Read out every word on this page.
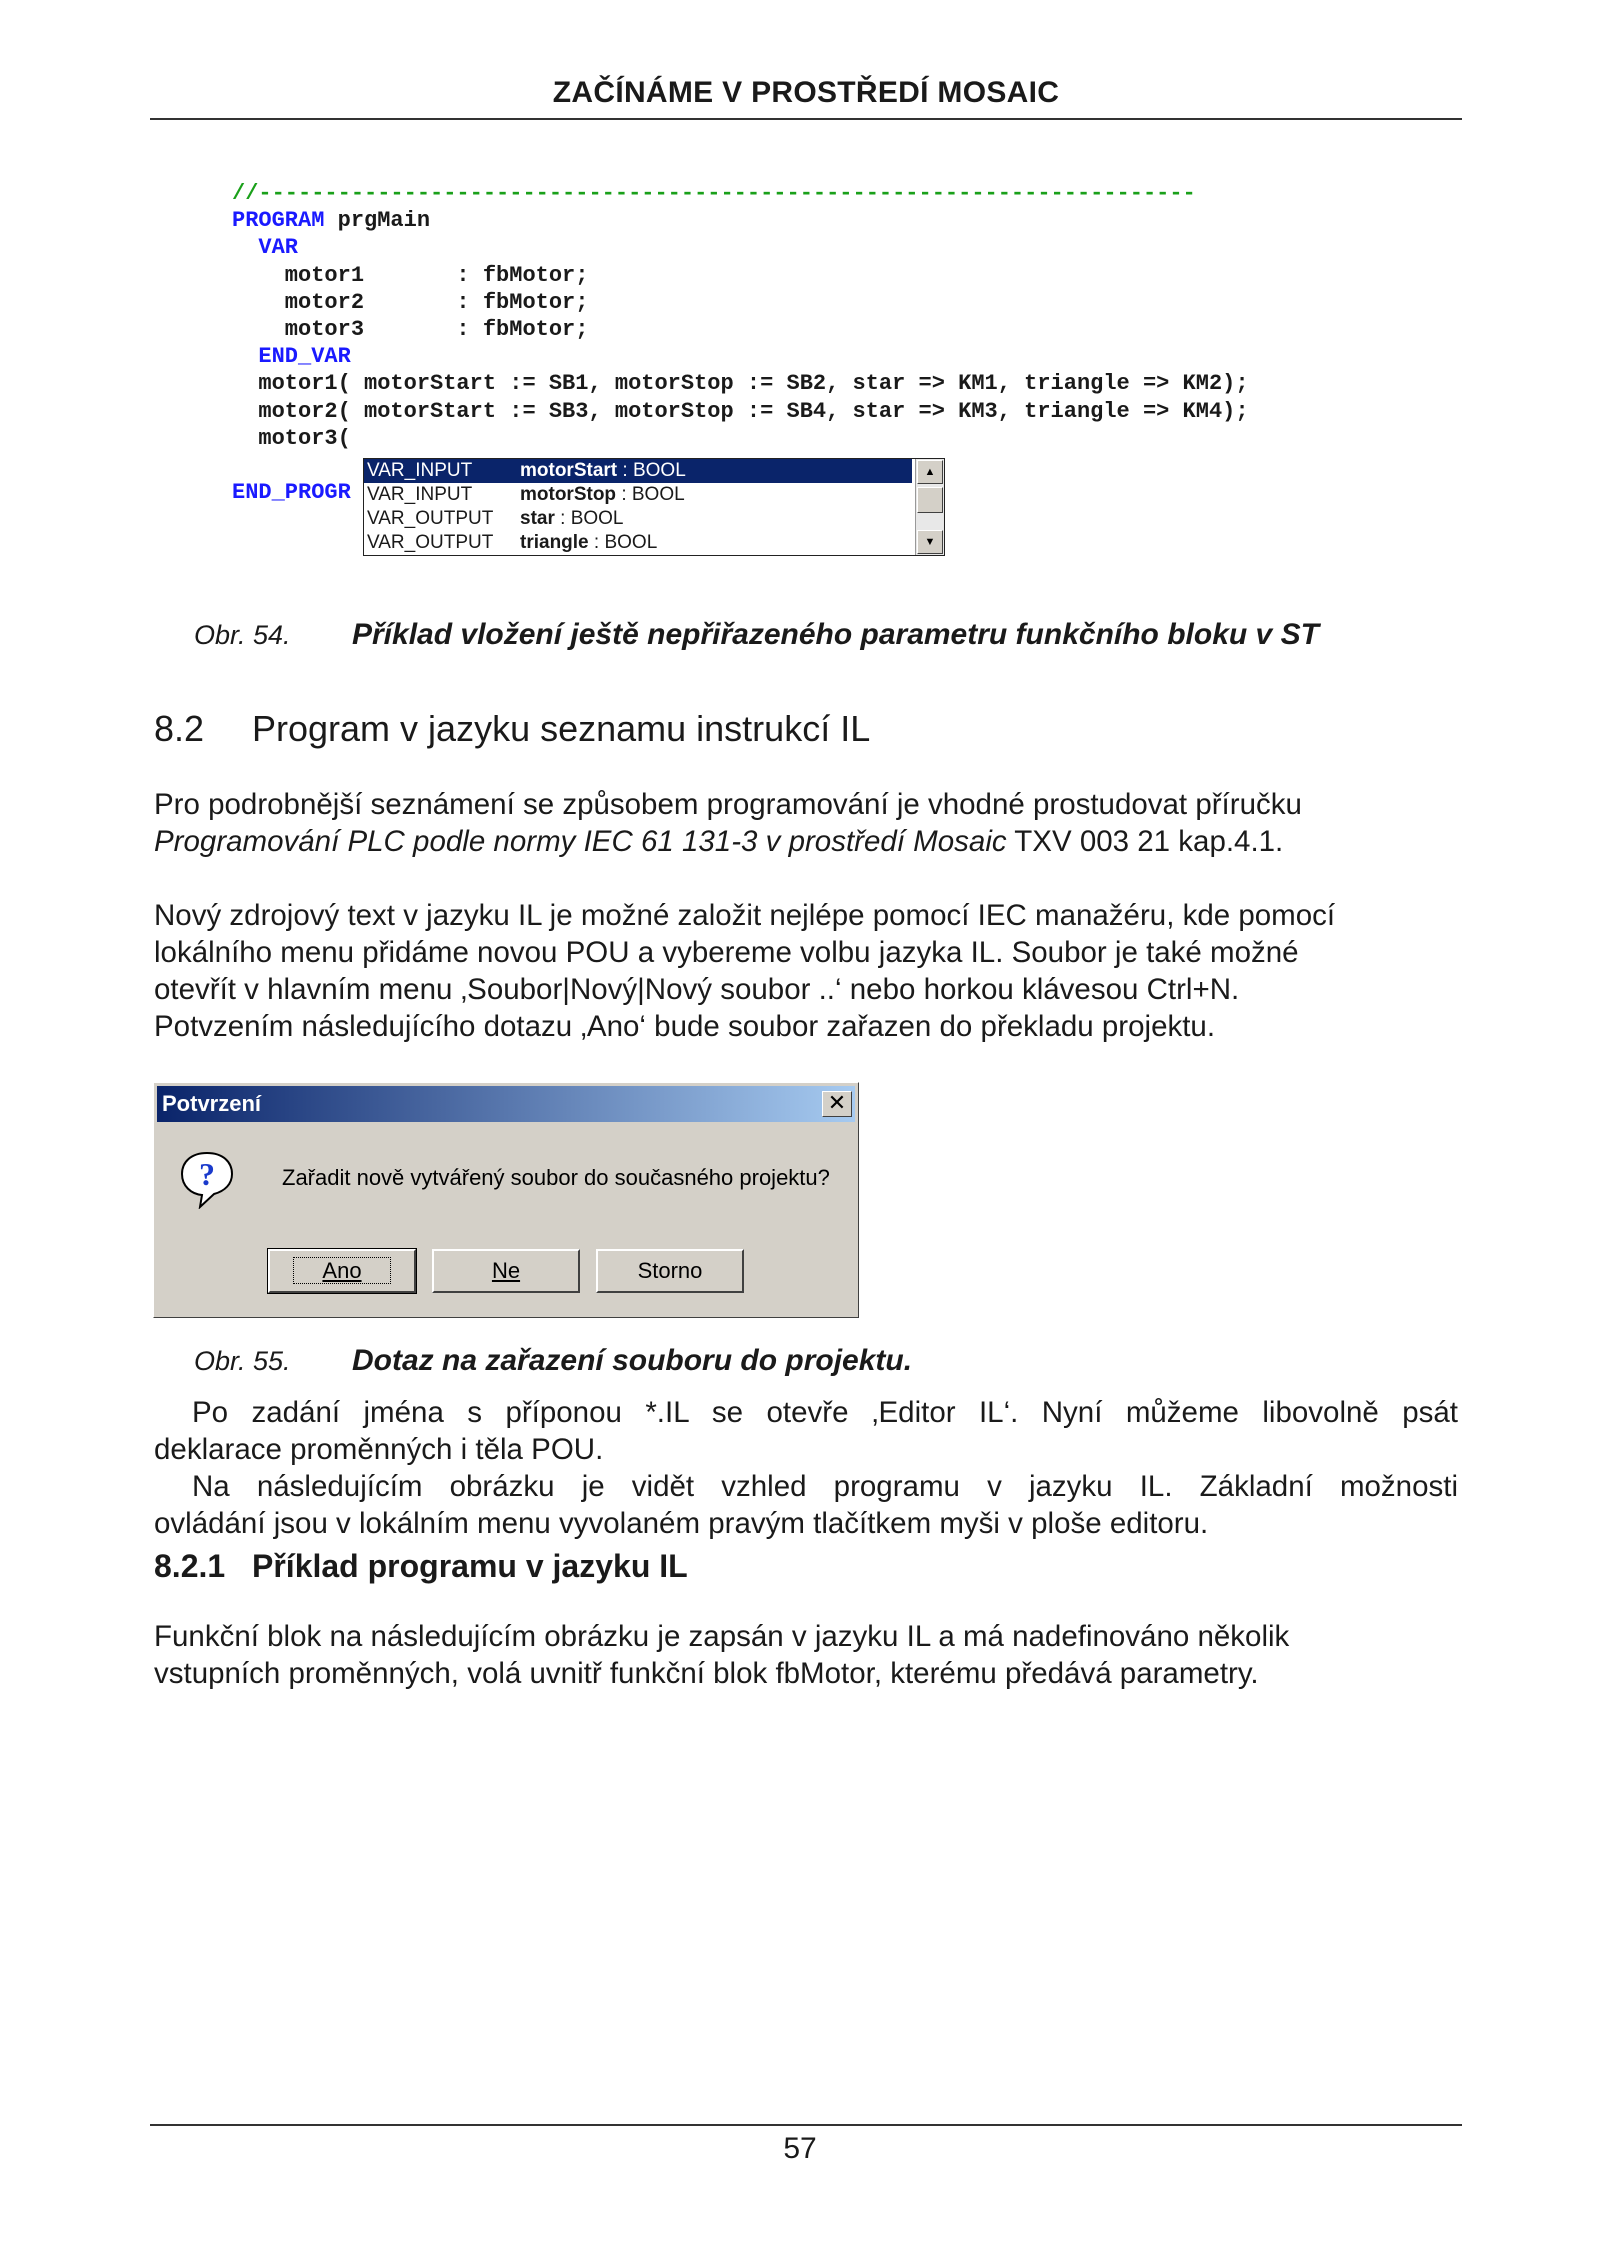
ZAČÍNÁME V PROSTŘEDÍ MOSAIC
//-----------------------------------------------------------------------
PROGRAM prgMain
VAR
motor1       : fbMotor;
motor2       : fbMotor;
motor3       : fbMotor;
END_VAR
motor1( motorStart := SB1, motorStop := SB2, star => KM1, triangle => KM2);
motor2( motorStart := SB3, motorStop := SB4, star => KM3, triangle => KM4);
motor3(
END_PROGR
VAR_INPUT	motorStart : BOOL
VAR_INPUT	motorStop : BOOL
VAR_OUTPUT star : BOOL
VAR_OUTPUT triangle : BOOL
▲
▼
Obr. 54. Příklad vložení ještě nepřiřazeného parametru funkčního bloku v ST
8.2 Program v jazyku seznamu instrukcí IL

Pro podrobnější seznámení se způsobem programování je vhodné prostudovat příručku

Programování PLC podle normy IEC 61 131-3 v prostředí Mosaic TXV 003 21 kap.4.1.

Nový zdrojový text v jazyku IL je možné založit nejlépe pomocí IEC manažéru, kde pomocí

lokálního menu přidáme novou POU a vybereme volbu jazyka IL. Soubor je také možné

otevřít v hlavním menu ‚Soubor|Nový|Nový soubor ..‘ nebo horkou klávesou Ctrl+N.

Potvzením následujícího dotazu ‚Ano‘ bude soubor zařazen do překladu projektu.

Potvrzení	✕
?	Zařadit nově vytvářený soubor do současného projektu?
Ano	Ne	Storno
Obr. 55. Dotaz na zařazení souboru do projektu.

Po zadání jména s příponou *.IL se otevře ‚Editor IL‘. Nyní můžeme libovolně psát

deklarace proměnných i těla POU.

Na následujícím obrázku je vidět vzhled programu v jazyku IL. Základní možnosti

ovládání jsou v lokálním menu vyvolaném pravým tlačítkem myši v ploše editoru.

8.2.1 Příklad programu v jazyku IL

Funkční blok na následujícím obrázku je zapsán v jazyku IL a má nadefinováno několik

vstupních proměnných, volá uvnitř funkční blok fbMotor, kterému předává parametry.

57
